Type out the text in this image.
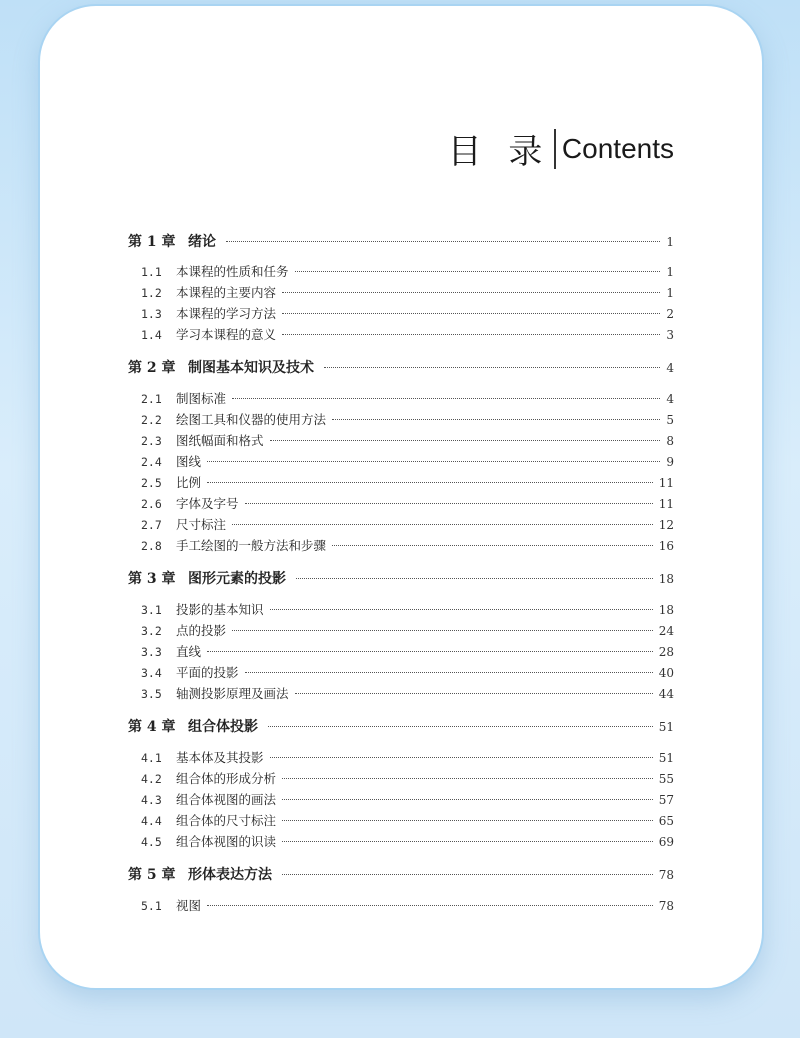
目 录 Contents
第 1 章 绪论	1
1.1	本课程的性质和任务	1
1.2	本课程的主要内容	1
1.3	本课程的学习方法	2
1.4	学习本课程的意义	3
第 2 章 制图基本知识及技术	4
2.1	制图标准	4
2.2	绘图工具和仪器的使用方法	5
2.3	图纸幅面和格式	8
2.4	图线	9
2.5	比例	11
2.6	字体及字号	11
2.7	尺寸标注	12
2.8	手工绘图的一般方法和步骤	16
第 3 章 图形元素的投影	18
3.1	投影的基本知识	18
3.2	点的投影	24
3.3	直线	28
3.4	平面的投影	40
3.5	轴测投影原理及画法	44
第 4 章 组合体投影	51
4.1	基本体及其投影	51
4.2	组合体的形成分析	55
4.3	组合体视图的画法	57
4.4	组合体的尺寸标注	65
4.5	组合体视图的识读	69
第 5 章 形体表达方法	78
5.1	视图	78
